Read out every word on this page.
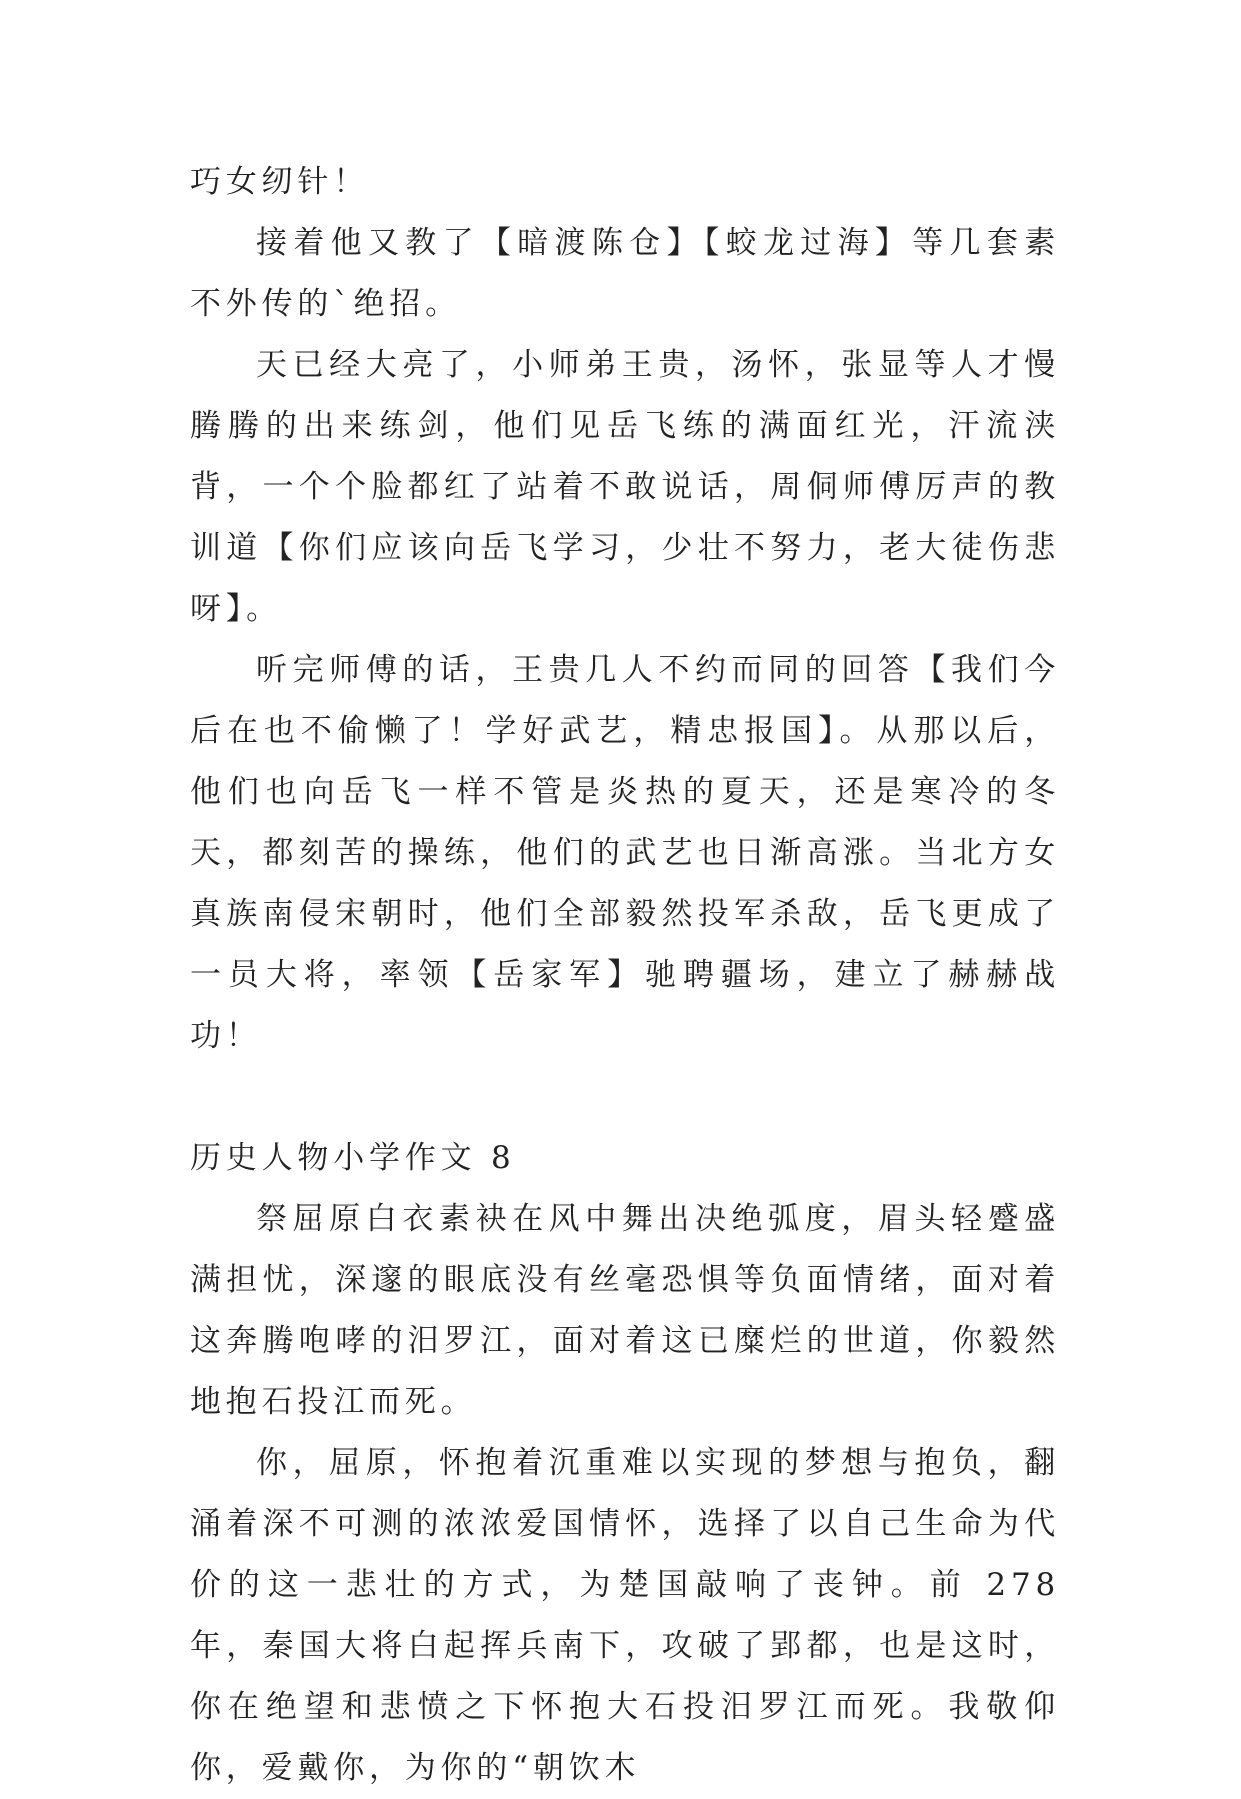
巧女纫针！

接着他又教了【暗渡陈仓】【蛟龙过海】等几套素不外传的`绝招。

天已经大亮了，小师弟王贵，汤怀，张显等人才慢腾腾的出来练剑，他们见岳飞练的满面红光，汗流浃背，一个个脸都红了站着不敢说话，周侗师傅厉声的教训道【你们应该向岳飞学习，少壮不努力，老大徒伤悲呀】。

听完师傅的话，王贵几人不约而同的回答【我们今后在也不偷懒了！学好武艺，精忠报国】。从那以后，他们也向岳飞一样不管是炎热的夏天，还是寒冷的冬天，都刻苦的操练，他们的武艺也日渐高涨。当北方女真族南侵宋朝时，他们全部毅然投军杀敌，岳飞更成了一员大将，率领【岳家军】驰聘疆场，建立了赫赫战功！

历史人物小学作文 8

祭屈原白衣素袂在风中舞出决绝弧度，眉头轻蹙盛满担忧，深邃的眼底没有丝毫恐惧等负面情绪，面对着这奔腾咆哮的汨罗江，面对着这已糜烂的世道，你毅然地抱石投江而死。

你，屈原，怀抱着沉重难以实现的梦想与抱负，翻涌着深不可测的浓浓爱国情怀，选择了以自己生命为代价的这一悲壮的方式，为楚国敲响了丧钟。前 278 年，秦国大将白起挥兵南下，攻破了郢都，也是这时，你在绝望和悲愤之下怀抱大石投汨罗江而死。我敬仰你，爱戴你，为你的“朝饮木
